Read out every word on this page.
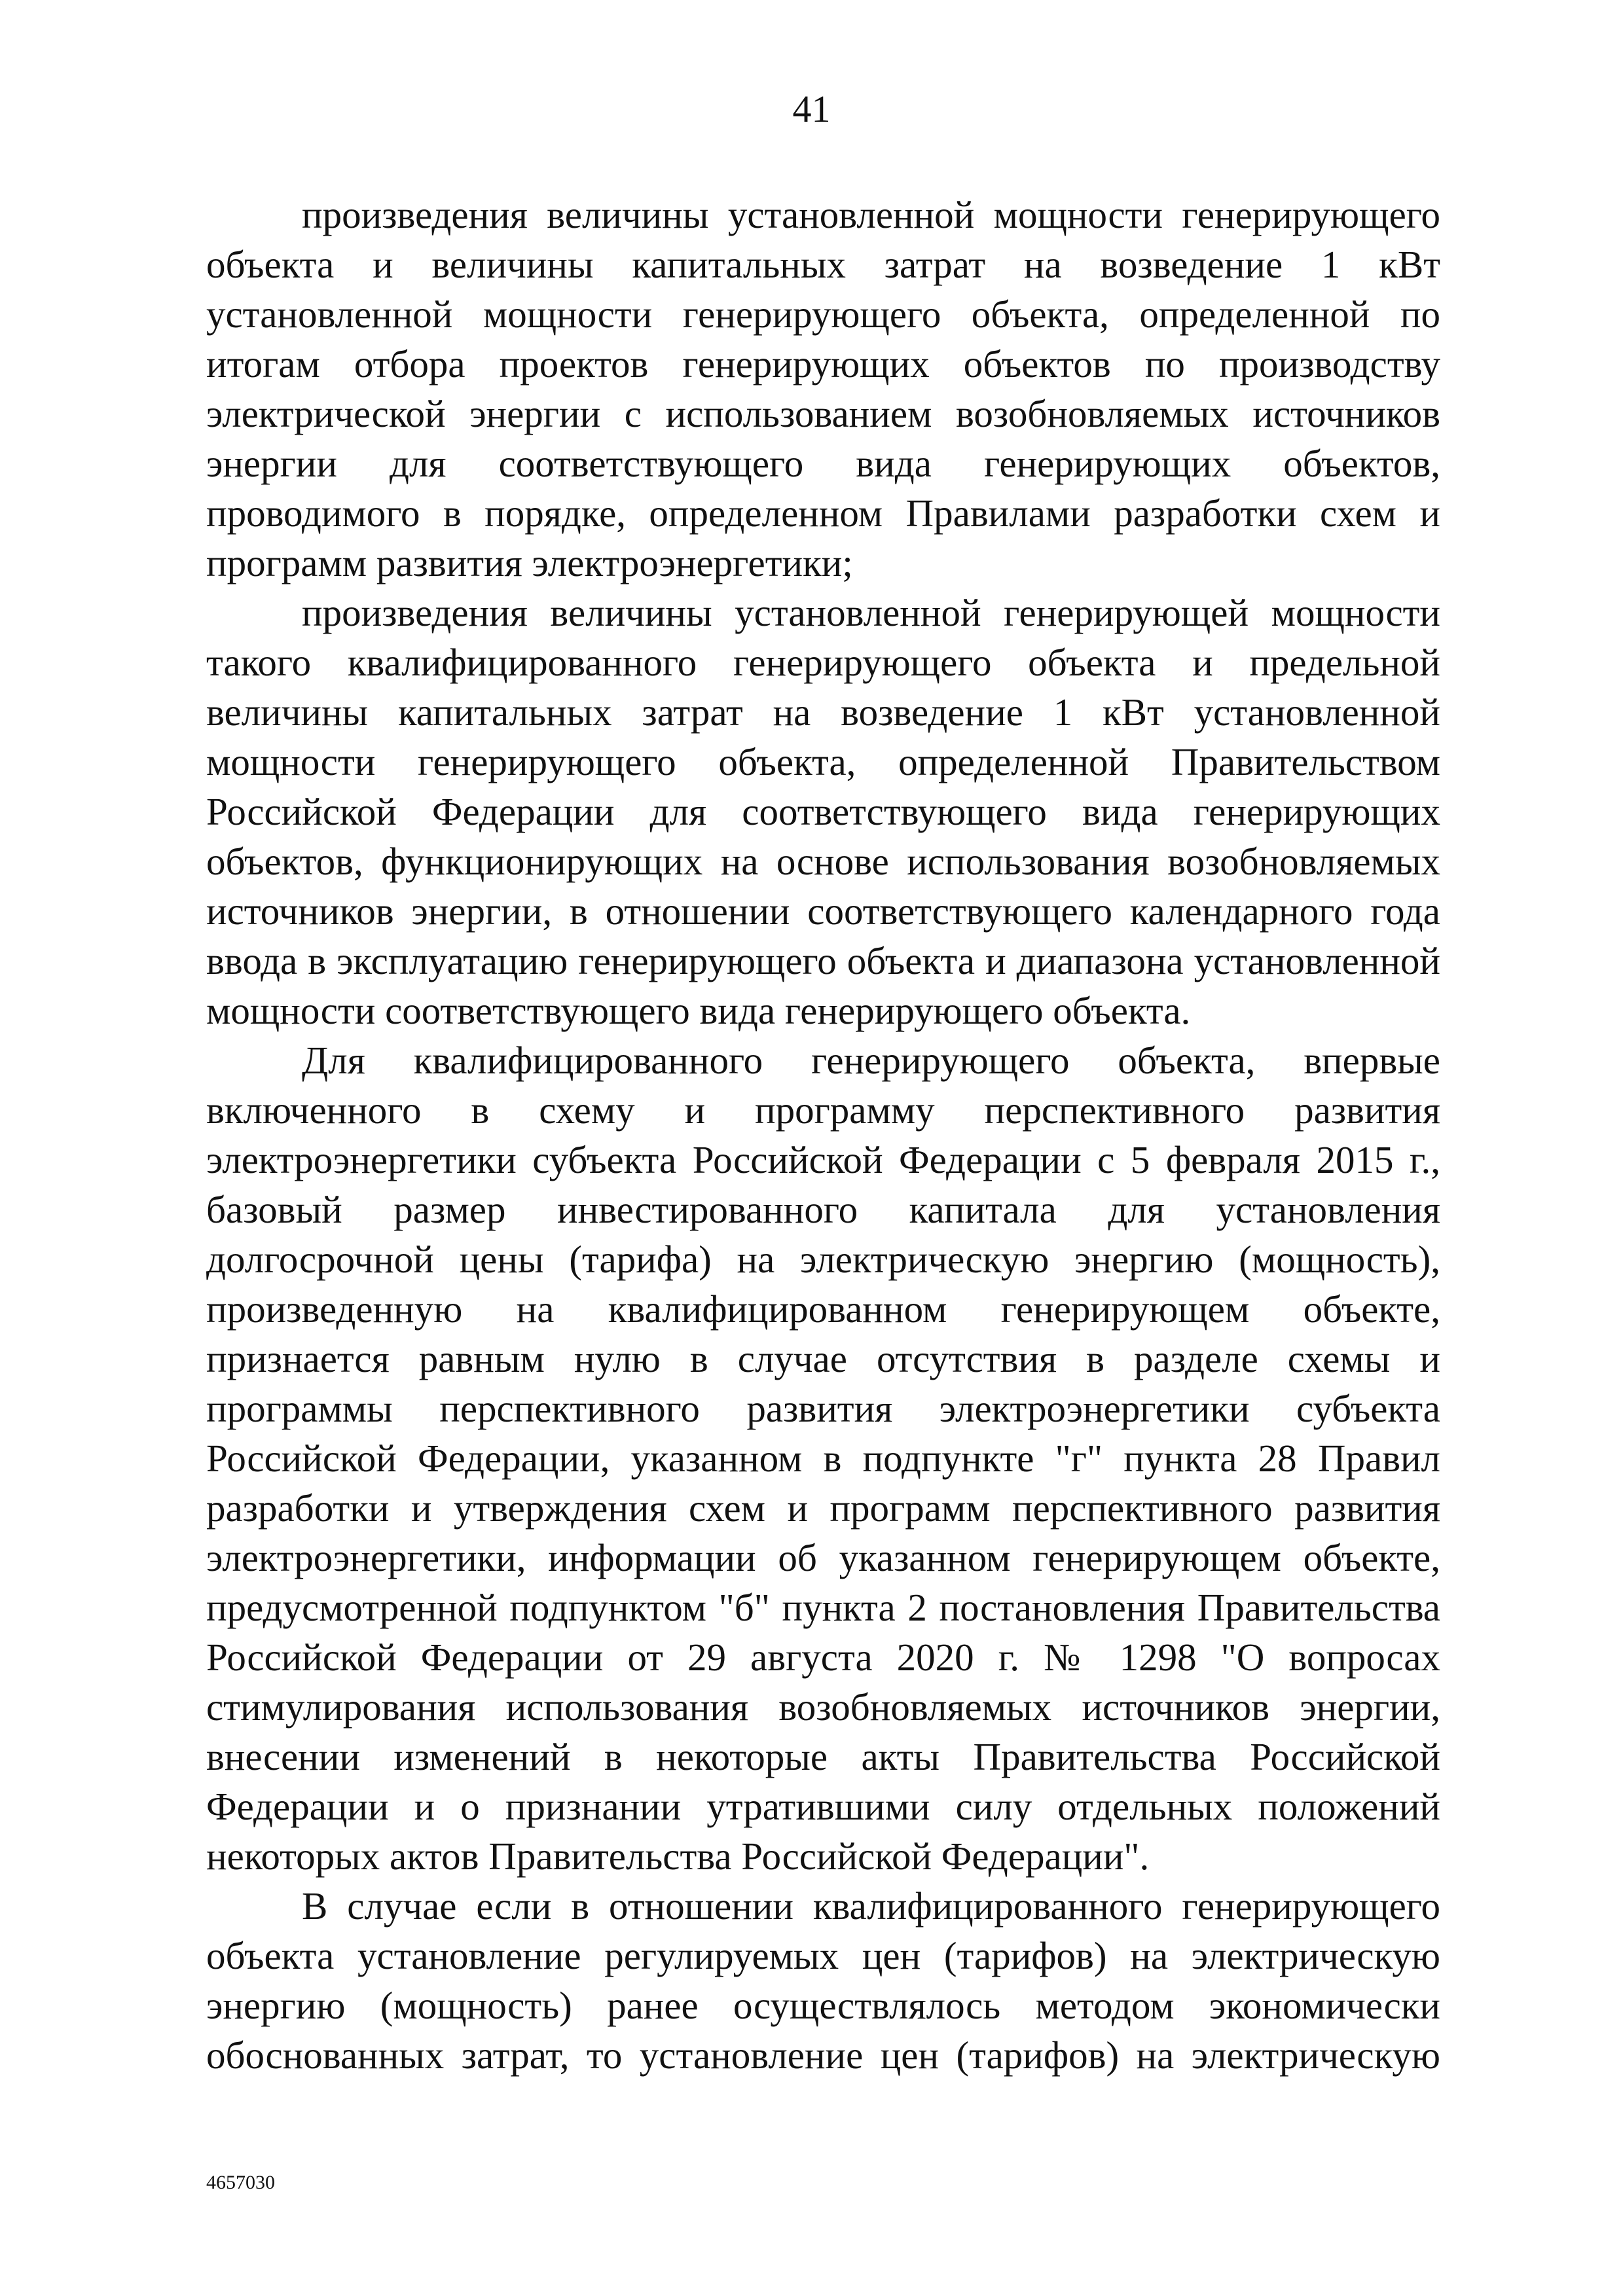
41
произведения величины установленной мощности генерирующего
объекта и величины капитальных затрат на возведение 1 кВт
установленной мощности генерирующего объекта, определенной по
итогам отбора проектов генерирующих объектов по производству
электрической энергии с использованием возобновляемых источников
энергии для соответствующего вида генерирующих объектов,
проводимого в порядке, определенном Правилами разработки схем и
программ развития электроэнергетики;
произведения величины установленной генерирующей мощности
такого квалифицированного генерирующего объекта и предельной
величины капитальных затрат на возведение 1 кВт установленной
мощности генерирующего объекта, определенной Правительством
Российской Федерации для соответствующего вида генерирующих
объектов, функционирующих на основе использования возобновляемых
источников энергии, в отношении соответствующего календарного года
ввода в эксплуатацию генерирующего объекта и диапазона установленной
мощности соответствующего вида генерирующего объекта.
Для квалифицированного генерирующего объекта, впервые
включенного в схему и программу перспективного развития
электроэнергетики субъекта Российской Федерации с 5 февраля 2015 г.,
базовый размер инвестированного капитала для установления
долгосрочной цены (тарифа) на электрическую энергию (мощность),
произведенную на квалифицированном генерирующем объекте,
признается равным нулю в случае отсутствия в разделе схемы и
программы перспективного развития электроэнергетики субъекта
Российской Федерации, указанном в подпункте "г" пункта 28 Правил
разработки и утверждения схем и программ перспективного развития
электроэнергетики, информации об указанном генерирующем объекте,
предусмотренной подпунктом "б" пункта 2 постановления Правительства
Российской Федерации от 29 августа 2020 г. № 1298 "О вопросах
стимулирования использования возобновляемых источников энергии,
внесении изменений в некоторые акты Правительства Российской
Федерации и о признании утратившими силу отдельных положений
некоторых актов Правительства Российской Федерации".
В случае если в отношении квалифицированного генерирующего
объекта установление регулируемых цен (тарифов) на электрическую
энергию (мощность) ранее осуществлялось методом экономически
обоснованных затрат, то установление цен (тарифов) на электрическую
4657030
